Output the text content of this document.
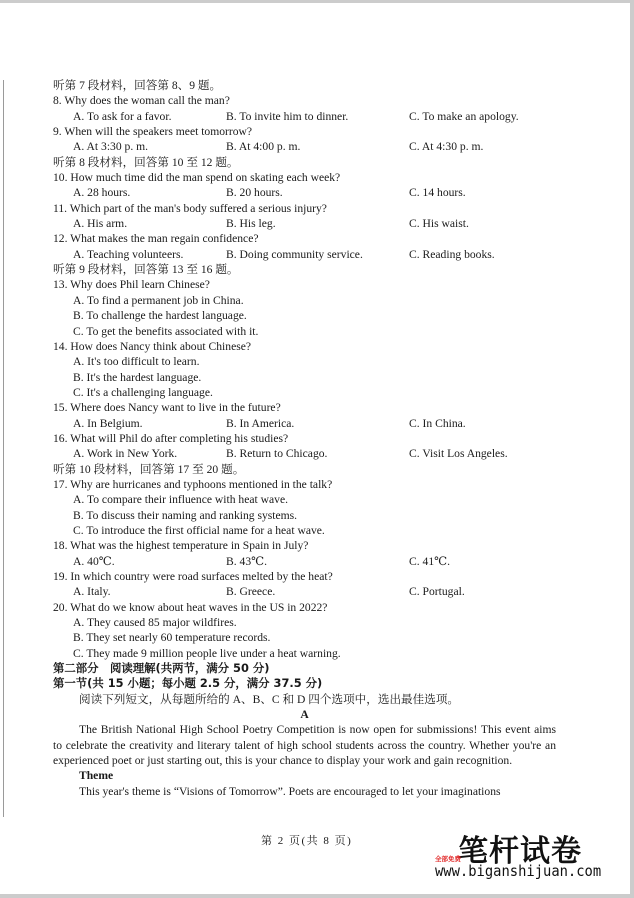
听第 7 段材料，回答第 8、9 题。
8. Why does the woman call the man?
A. To ask for a favor.	B. To invite him to dinner.	C. To make an apology.
9. When will the speakers meet tomorrow?
A. At 3:30 p. m.	B. At 4:00 p. m.	C. At 4:30 p. m.
听第 8 段材料，回答第 10 至 12 题。
10. How much time did the man spend on skating each week?
A. 28 hours.	B. 20 hours.	C. 14 hours.
11. Which part of the man's body suffered a serious injury?
A. His arm.	B. His leg.	C. His waist.
12. What makes the man regain confidence?
A. Teaching volunteers.	B. Doing community service.	C. Reading books.
听第 9 段材料，回答第 13 至 16 题。
13. Why does Phil learn Chinese?
A. To find a permanent job in China.
B. To challenge the hardest language.
C. To get the benefits associated with it.
14. How does Nancy think about Chinese?
A. It's too difficult to learn.
B. It's the hardest language.
C. It's a challenging language.
15. Where does Nancy want to live in the future?
A. In Belgium.	B. In America.	C. In China.
16. What will Phil do after completing his studies?
A. Work in New York.	B. Return to Chicago.	C. Visit Los Angeles.
听第 10 段材料，回答第 17 至 20 题。
17. Why are hurricanes and typhoons mentioned in the talk?
A. To compare their influence with heat wave.
B. To discuss their naming and ranking systems.
C. To introduce the first official name for a heat wave.
18. What was the highest temperature in Spain in July?
A. 40℃.	B. 43℃.	C. 41℃.
19. In which country were road surfaces melted by the heat?
A. Italy.	B. Greece.	C. Portugal.
20. What do we know about heat waves in the US in 2022?
A. They caused 85 major wildfires.
B. They set nearly 60 temperature records.
C. They made 9 million people live under a heat warning.
第二部分　阅读理解(共两节，满分 50 分)
第一节(共 15 小题；每小题 2.5 分，满分 37.5 分)
阅读下列短文，从每题所给的 A、B、C 和 D 四个选项中，选出最佳选项。
A
The British National High School Poetry Competition is now open for submissions! This event aims to celebrate the creativity and literary talent of high school students across the country. Whether you're an experienced poet or just starting out, this is your chance to display your work and gain recognition.
Theme
This year's theme is “Visions of Tomorrow”. Poets are encouraged to let your imaginations
第 2 页(共 8 页)	笔杆试卷
全部免费
www.biganshijuan.com
